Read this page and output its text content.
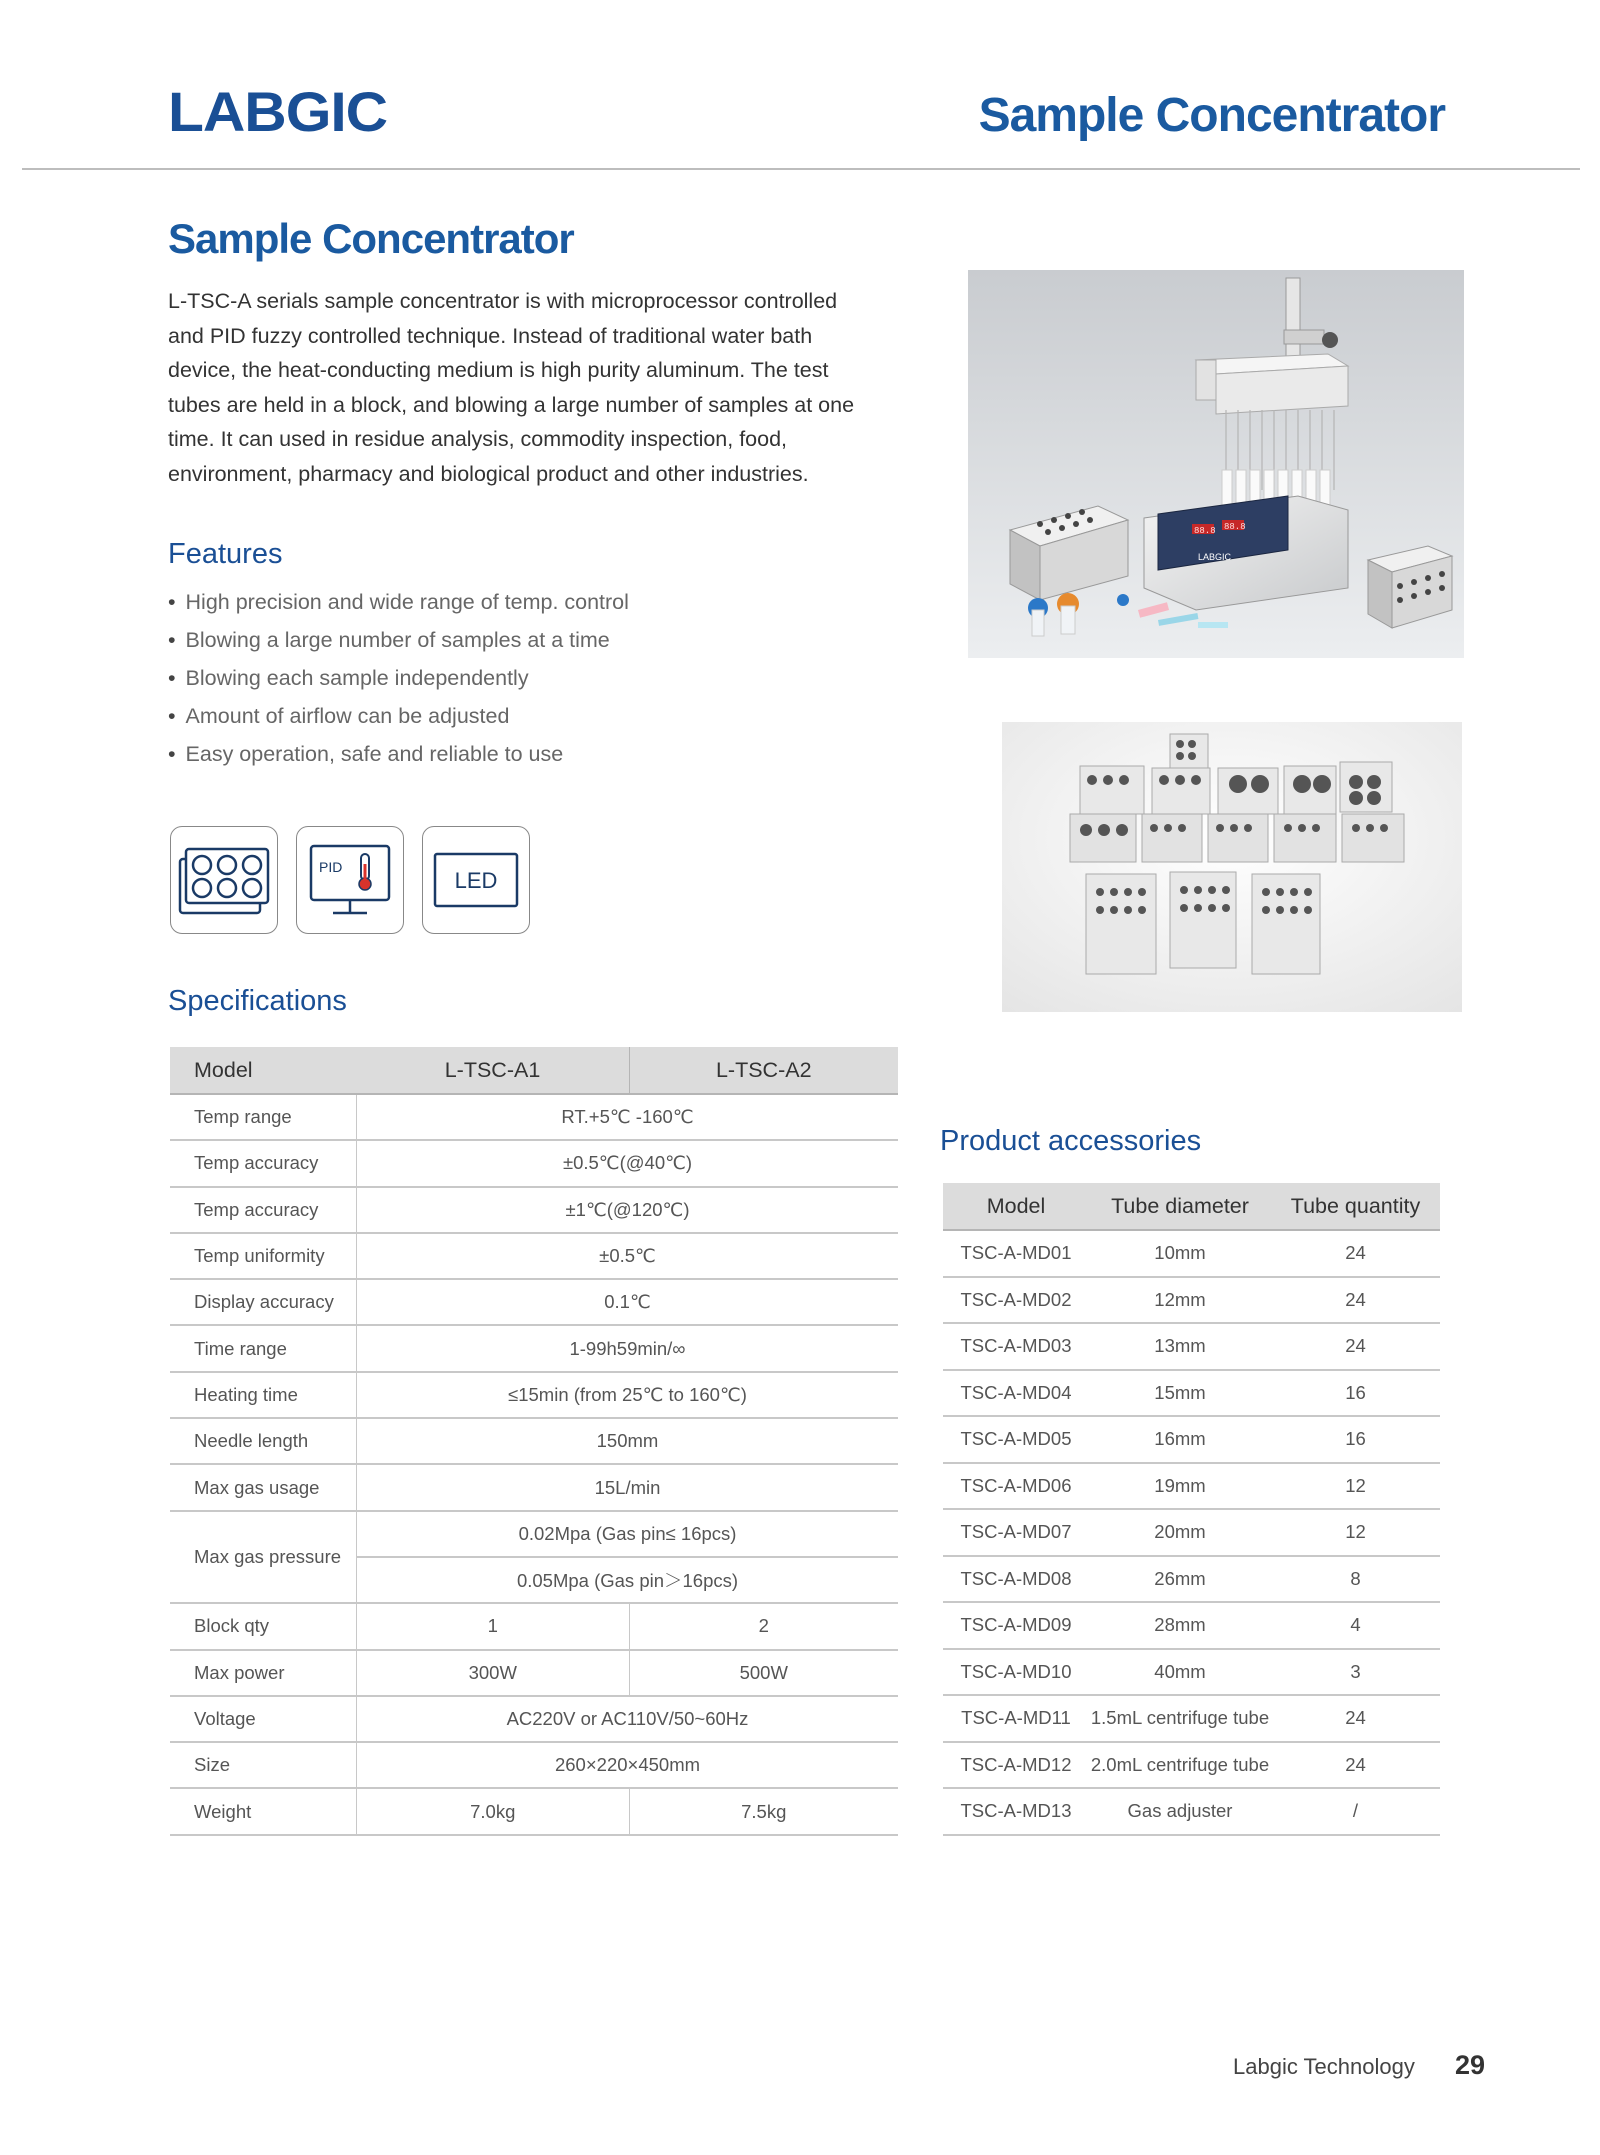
LABGIC	Sample Concentrator
Sample Concentrator
L-TSC-A serials sample concentrator is with microprocessor controlled and PID fuzzy controlled technique. Instead of traditional water bath device, the heat-conducting medium is high purity aluminum. The test tubes are held in a block, and blowing a large number of samples at one time. It can used in residue analysis, commodity inspection, food, environment, pharmacy and biological product and other industries.
Features
• High precision and wide range of temp. control
• Blowing a large number of samples at a time
• Blowing each sample independently
• Amount of airflow can be adjusted
• Easy operation, safe and reliable to use
PID
LED
Specifications
Model	L-TSC-A1	L-TSC-A2
Temp range	RT.+5℃ -160℃	
Temp accuracy	±0.5℃(@40℃)	
Temp accuracy	±1℃(@120℃)	
Temp uniformity	±0.5℃	
Display accuracy	0.1℃	
Time range	1-99h59min/∞	
Heating time	≤15min (from 25℃ to 160℃)	
Needle length	150mm	
Max gas usage	15L/min	
Max gas pressure	0.02Mpa (Gas pin≤ 16pcs)	
	0.05Mpa (Gas pin＞16pcs)	
Block qty	1	2
Max power	300W	500W
Voltage	AC220V or AC110V/50~60Hz	
Size	260×220×450mm	
Weight	7.0kg	7.5kg
LABGIC
88.8 88.8
Product accessories
Model	Tube diameter	Tube quantity
TSC-A-MD01	10mm	24
TSC-A-MD02	12mm	24
TSC-A-MD03	13mm	24
TSC-A-MD04	15mm	16
TSC-A-MD05	16mm	16
TSC-A-MD06	19mm	12
TSC-A-MD07	20mm	12
TSC-A-MD08	26mm	8
TSC-A-MD09	28mm	4
TSC-A-MD10	40mm	3
TSC-A-MD11	1.5mL centrifuge tube	24
TSC-A-MD12	2.0mL centrifuge tube	24
TSC-A-MD13	Gas adjuster	/
Labgic Technology 29
